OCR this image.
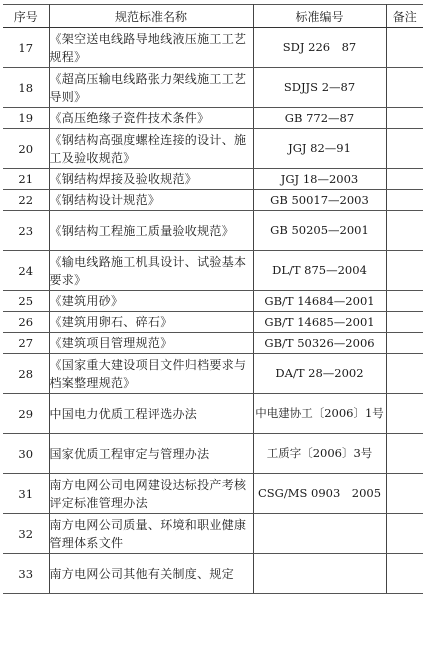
序号	规范标准名称	标准编号	备注
17	《架空送电线路导地线液压施工工艺规程》	SDJ 226　87	
18	《超高压输电线路张力架线施工工艺导则》	SDJJS 2—87	
19	《高压绝缘子瓷件技术条件》	GB 772—87	
20	《钢结构高强度螺栓连接的设计、施工及验收规范》	JGJ 82—91	
21	《钢结构焊接及验收规范》	JGJ 18—2003	
22	《钢结构设计规范》	GB 50017—2003	
23	《钢结构工程施工质量验收规范》	GB 50205—2001	
24	《输电线路施工机具设计、试验基本要求》	DL/T 875—2004	
25	《建筑用砂》	GB/T 14684—2001	
26	《建筑用卵石、碎石》	GB/T 14685—2001	
27	《建筑项目管理规范》	GB/T 50326—2006	
28	《国家重大建设项目文件归档要求与档案整理规范》	DA/T 28—2002	
29	中国电力优质工程评选办法	中电建协工〔2006〕1号	
30	国家优质工程审定与管理办法	工质字〔2006〕3号	
31	南方电网公司电网建设达标投产考核评定标准管理办法	CSG/MS 0903　2005	
32	南方电网公司质量、环境和职业健康管理体系文件		
33	南方电网公司其他有关制度、规定		
